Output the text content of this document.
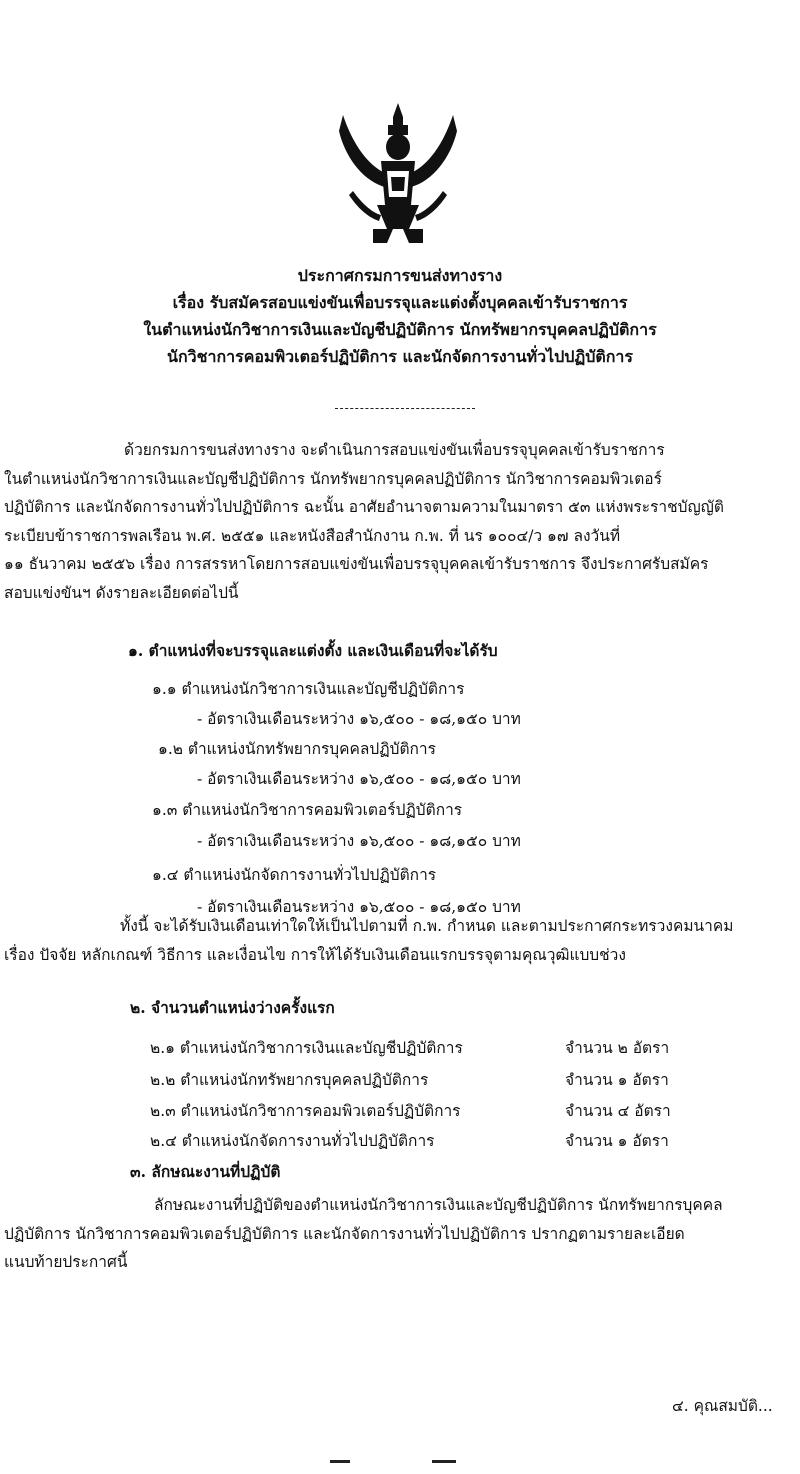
ประกาศกรมการขนส่งทางราง
เรื่อง รับสมัครสอบแข่งขันเพื่อบรรจุและแต่งตั้งบุคคลเข้ารับราชการ
ในตำแหน่งนักวิชาการเงินและบัญชีปฏิบัติการ นักทรัพยากรบุคคลปฏิบัติการ
นักวิชาการคอมพิวเตอร์ปฏิบัติการ และนักจัดการงานทั่วไปปฏิบัติการ

ด้วยกรมการขนส่งทางราง จะดำเนินการสอบแข่งขันเพื่อบรรจุบุคคลเข้ารับราชการ

ในตำแหน่งนักวิชาการเงินและบัญชีปฏิบัติการ นักทรัพยากรบุคคลปฏิบัติการ นักวิชาการคอมพิวเตอร์

ปฏิบัติการ และนักจัดการงานทั่วไปปฏิบัติการ ฉะนั้น อาศัยอำนาจตามความในมาตรา ๕๓ แห่งพระราชบัญญัติ

ระเบียบข้าราชการพลเรือน พ.ศ. ๒๕๕๑ และหนังสือสำนักงาน ก.พ. ที่ นร ๑๐๐๔/ว ๑๗ ลงวันที่

๑๑ ธันวาคม ๒๕๕๖ เรื่อง การสรรหาโดยการสอบแข่งขันเพื่อบรรจุบุคคลเข้ารับราชการ จึงประกาศรับสมัคร

สอบแข่งขันฯ ดังรายละเอียดต่อไปนี้

๑. ตำแหน่งที่จะบรรจุและแต่งตั้ง และเงินเดือนที่จะได้รับ
๑.๑ ตำแหน่งนักวิชาการเงินและบัญชีปฏิบัติการ
- อัตราเงินเดือนระหว่าง ๑๖,๕๐๐ - ๑๘,๑๕๐ บาท
๑.๒ ตำแหน่งนักทรัพยากรบุคคลปฏิบัติการ
- อัตราเงินเดือนระหว่าง ๑๖,๕๐๐ - ๑๘,๑๕๐ บาท
๑.๓ ตำแหน่งนักวิชาการคอมพิวเตอร์ปฏิบัติการ
- อัตราเงินเดือนระหว่าง ๑๖,๕๐๐ - ๑๘,๑๕๐ บาท
๑.๔ ตำแหน่งนักจัดการงานทั่วไปปฏิบัติการ
- อัตราเงินเดือนระหว่าง ๑๖,๕๐๐ - ๑๘,๑๕๐ บาท

ทั้งนี้ จะได้รับเงินเดือนเท่าใดให้เป็นไปตามที่ ก.พ. กำหนด และตามประกาศกระทรวงคมนาคม

เรื่อง ปัจจัย หลักเกณฑ์ วิธีการ และเงื่อนไข การให้ได้รับเงินเดือนแรกบรรจุตามคุณวุฒิแบบช่วง

๒. จำนวนตำแหน่งว่างครั้งแรก
๒.๑ ตำแหน่งนักวิชาการเงินและบัญชีปฏิบัติการ	จำนวน ๒ อัตรา
๒.๒ ตำแหน่งนักทรัพยากรบุคคลปฏิบัติการ	จำนวน ๑ อัตรา
๒.๓ ตำแหน่งนักวิชาการคอมพิวเตอร์ปฏิบัติการ	จำนวน ๔ อัตรา
๒.๔ ตำแหน่งนักจัดการงานทั่วไปปฏิบัติการ	จำนวน ๑ อัตรา
๓. ลักษณะงานที่ปฏิบัติ

ลักษณะงานที่ปฏิบัติของตำแหน่งนักวิชาการเงินและบัญชีปฏิบัติการ นักทรัพยากรบุคคล

ปฏิบัติการ นักวิชาการคอมพิวเตอร์ปฏิบัติการ และนักจัดการงานทั่วไปปฏิบัติการ ปรากฏตามรายละเอียด

แนบท้ายประกาศนี้

๔. คุณสมบัติ...
